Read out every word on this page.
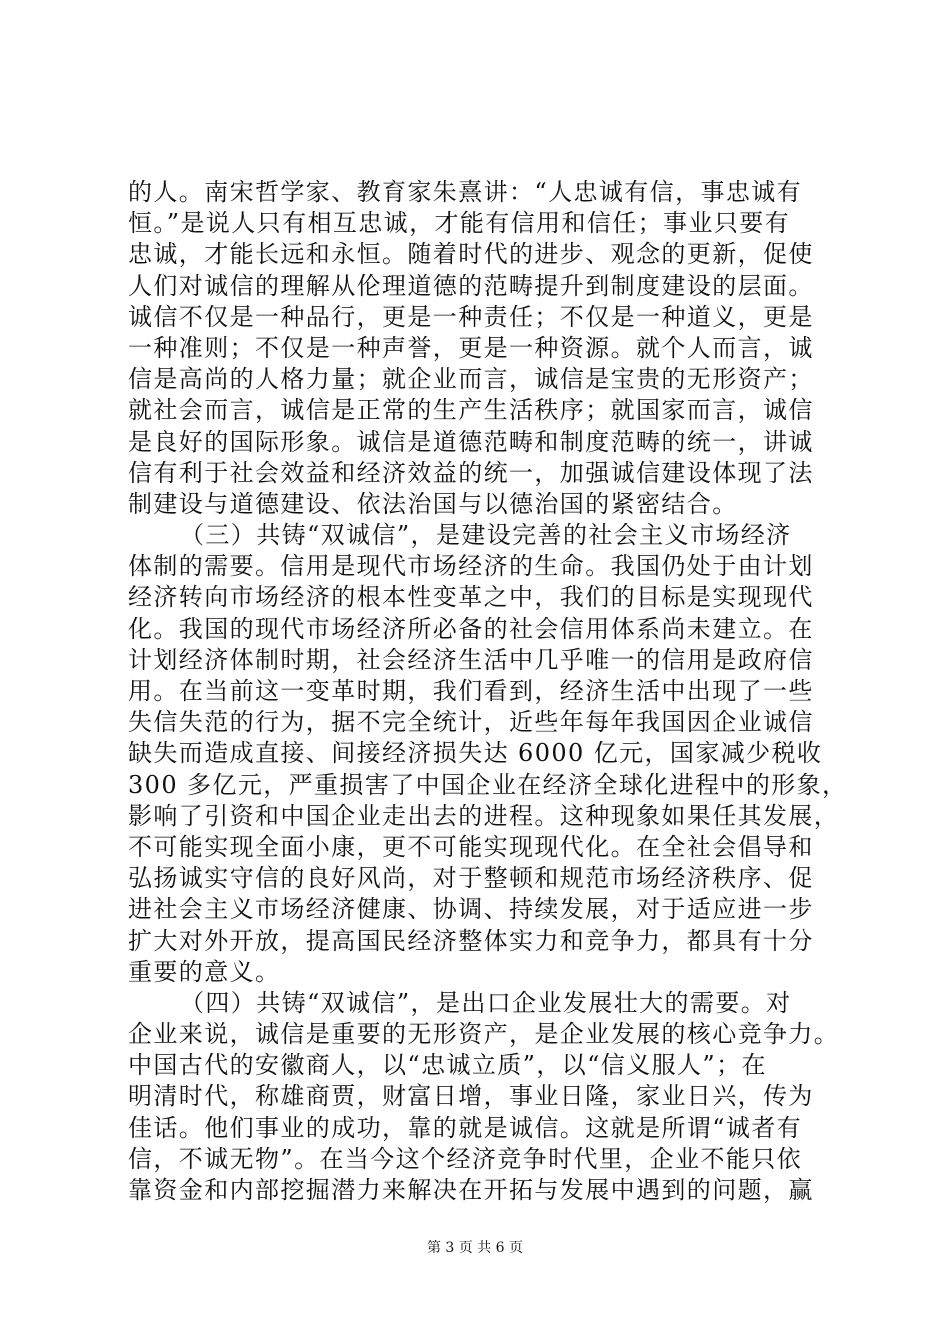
的人。南宋哲学家、教育家朱熹讲：“人忠诚有信，事忠诚有
恒。”是说人只有相互忠诚，才能有信用和信任；事业只要有
忠诚，才能长远和永恒。随着时代的进步、观念的更新，促使
人们对诚信的理解从伦理道德的范畴提升到制度建设的层面。
诚信不仅是一种品行，更是一种责任；不仅是一种道义，更是
一种准则；不仅是一种声誉，更是一种资源。就个人而言，诚
信是高尚的人格力量；就企业而言，诚信是宝贵的无形资产；
就社会而言，诚信是正常的生产生活秩序；就国家而言，诚信
是良好的国际形象。诚信是道德范畴和制度范畴的统一，讲诚
信有利于社会效益和经济效益的统一，加强诚信建设体现了法
制建设与道德建设、依法治国与以德治国的紧密结合。
（三）共铸“双诚信”，是建设完善的社会主义市场经济
体制的需要。信用是现代市场经济的生命。我国仍处于由计划
经济转向市场经济的根本性变革之中，我们的目标是实现现代
化。我国的现代市场经济所必备的社会信用体系尚未建立。在
计划经济体制时期，社会经济生活中几乎唯一的信用是政府信
用。在当前这一变革时期，我们看到，经济生活中出现了一些
失信失范的行为，据不完全统计，近些年每年我国因企业诚信
缺失而造成直接、间接经济损失达 6000 亿元，国家减少税收
300 多亿元，严重损害了中国企业在经济全球化进程中的形象，
影响了引资和中国企业走出去的进程。这种现象如果任其发展，
不可能实现全面小康，更不可能实现现代化。在全社会倡导和
弘扬诚实守信的良好风尚，对于整顿和规范市场经济秩序、促
进社会主义市场经济健康、协调、持续发展，对于适应进一步
扩大对外开放，提高国民经济整体实力和竞争力，都具有十分
重要的意义。
（四）共铸“双诚信”，是出口企业发展壮大的需要。对
企业来说，诚信是重要的无形资产，是企业发展的核心竞争力。
中国古代的安徽商人，以“忠诚立质”，以“信义服人”；在
明清时代，称雄商贾，财富日增，事业日隆，家业日兴，传为
佳话。他们事业的成功，靠的就是诚信。这就是所谓“诚者有
信，不诚无物”。在当今这个经济竞争时代里，企业不能只依
靠资金和内部挖掘潜力来解决在开拓与发展中遇到的问题，赢
第 3 页 共 6 页
